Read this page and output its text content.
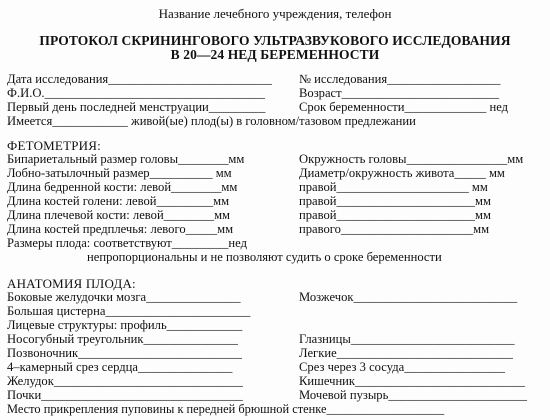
Название лечебного учреждения, телефон
ПРОТОКОЛ СКРИНИНГОВОГО УЛЬТРАЗВУКОВОГО ИССЛЕДОВАНИЯ
В 20—24 НЕД БЕРЕМЕННОСТИ
Дата исследования__________________________ № исследования__________________
Ф.И.О.___________________________________	Возраст_________________________
Первый день последней менструации_________	Срок беременности_____________ нед
Имеется____________ живой(ые) плод(ы) в головном/тазовом предлежании
ФЕТОМЕТРИЯ:
Бипариетальный размер головы________мм	Окружность головы________________мм
Лобно-затылочный размер__________ мм	Диаметр/окружность живота_____ мм
Длина бедренной кости: левой________мм	правой_____________________ мм
Длина костей голени: левой_________мм	правой______________________мм
Длина плечевой кости: левой________мм	правой______________________мм
Длина костей предплечья: левого_____мм	правого_____________________мм
Размеры плода: соответствуют_________нед
непропорциональны и не позволяют судить о сроке беременности
АНАТОМИЯ ПЛОДА:
Боковые желудочки мозга_______________	Мозжечок__________________________
Большая цистерна_______________________
Лицевые структуры: профиль____________
Носогубный треугольник_______________	Глазницы__________________________
Позвоночник__________________________	Легкие____________________________
4–камерный срез сердца_______________	Срез через 3 сосуда________________
Желудок______________________________	Кишечник___________________________
Почки________________________________	Мочевой пузырь______________________
Место прикрепления пуповины к передней брюшной стенке___________________
